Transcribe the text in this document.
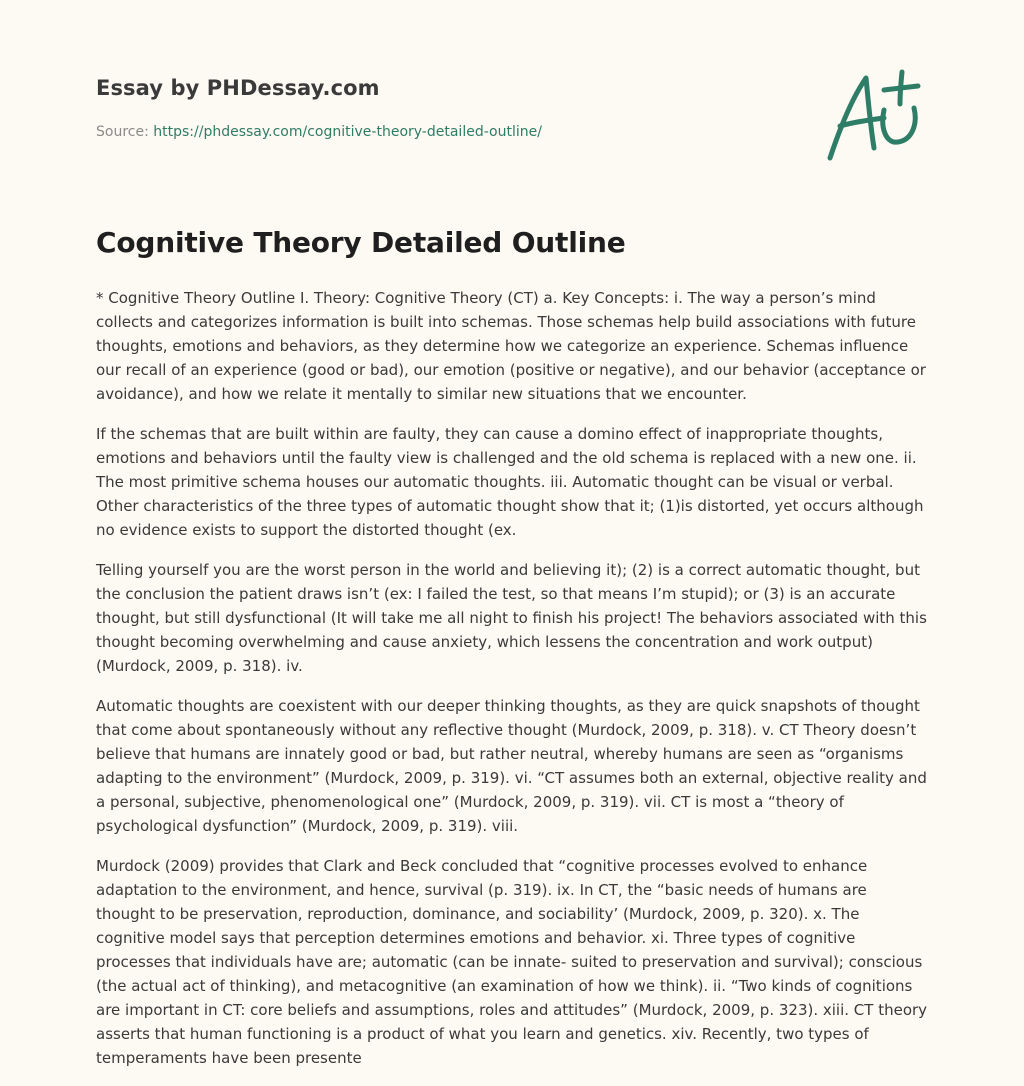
Essay by PHDessay.com
Source: https://phdessay.com/cognitive-theory-detailed-outline/
Cognitive Theory Detailed Outline

* Cognitive Theory Outline I. Theory: Cognitive Theory (CT) a. Key Concepts: i. The way a person’s mind collects and categorizes information is built into schemas. Those schemas help build associations with future thoughts, emotions and behaviors, as they determine how we categorize an experience. Schemas influence our recall of an experience (good or bad), our emotion (positive or negative), and our behavior (acceptance or avoidance), and how we relate it mentally to similar new situations that we encounter.

If the schemas that are built within are faulty, they can cause a domino effect of inappropriate thoughts, emotions and behaviors until the faulty view is challenged and the old schema is replaced with a new one. ii. The most primitive schema houses our automatic thoughts. iii. Automatic thought can be visual or verbal. Other characteristics of the three types of automatic thought show that it; (1)is distorted, yet occurs although no evidence exists to support the distorted thought (ex.

Telling yourself you are the worst person in the world and believing it); (2) is a correct automatic thought, but the conclusion the patient draws isn’t (ex: I failed the test, so that means I’m stupid); or (3) is an accurate thought, but still dysfunctional (It will take me all night to finish his project! The behaviors associated with this thought becoming overwhelming and cause anxiety, which lessens the concentration and work output) (Murdock, 2009, p. 318). iv.

Automatic thoughts are coexistent with our deeper thinking thoughts, as they are quick snapshots of thought that come about spontaneously without any reflective thought (Murdock, 2009, p. 318). v. CT Theory doesn’t believe that humans are innately good or bad, but rather neutral, whereby humans are seen as “organisms adapting to the environment” (Murdock, 2009, p. 319). vi. “CT assumes both an external, objective reality and a personal, subjective, phenomenological one” (Murdock, 2009, p. 319). vii. CT is most a “theory of psychological dysfunction” (Murdock, 2009, p. 319). viii.

Murdock (2009) provides that Clark and Beck concluded that “cognitive processes evolved to enhance adaptation to the environment, and hence, survival (p. 319). ix. In CT, the “basic needs of humans are thought to be preservation, reproduction, dominance, and sociability’ (Murdock, 2009, p. 320). x. The cognitive model says that perception determines emotions and behavior. xi. Three types of cognitive processes that individuals have are; automatic (can be innate- suited to preservation and survival); conscious (the actual act of thinking), and metacognitive (an examination of how we think). ii. “Two kinds of cognitions are important in CT: core beliefs and assumptions, roles and attitudes” (Murdock, 2009, p. 323). xiii. CT theory asserts that human functioning is a product of what you learn and genetics. xiv. Recently, two types of temperaments have been presente
